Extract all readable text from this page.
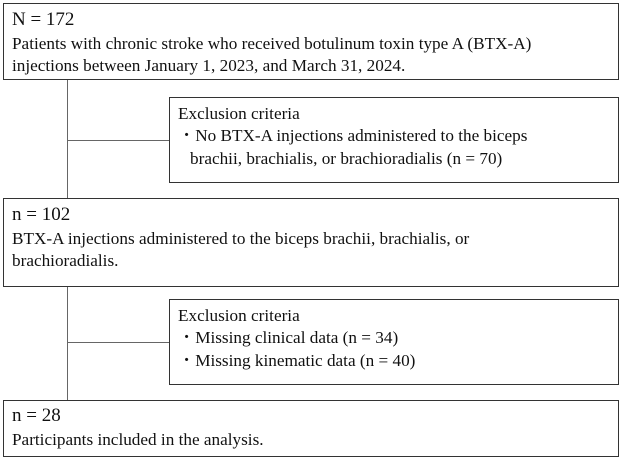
N = 172
Patients with chronic stroke who received botulinum toxin type A (BTX-A)
injections between January 1, 2023, and March 31, 2024.
Exclusion criteria
・No BTX-A injections administered to the biceps
brachii, brachialis, or brachioradialis (n = 70)
n = 102
BTX-A injections administered to the biceps brachii, brachialis, or
brachioradialis.
Exclusion criteria
・Missing clinical data (n = 34)
・Missing kinematic data (n = 40)
n = 28
Participants included in the analysis.
